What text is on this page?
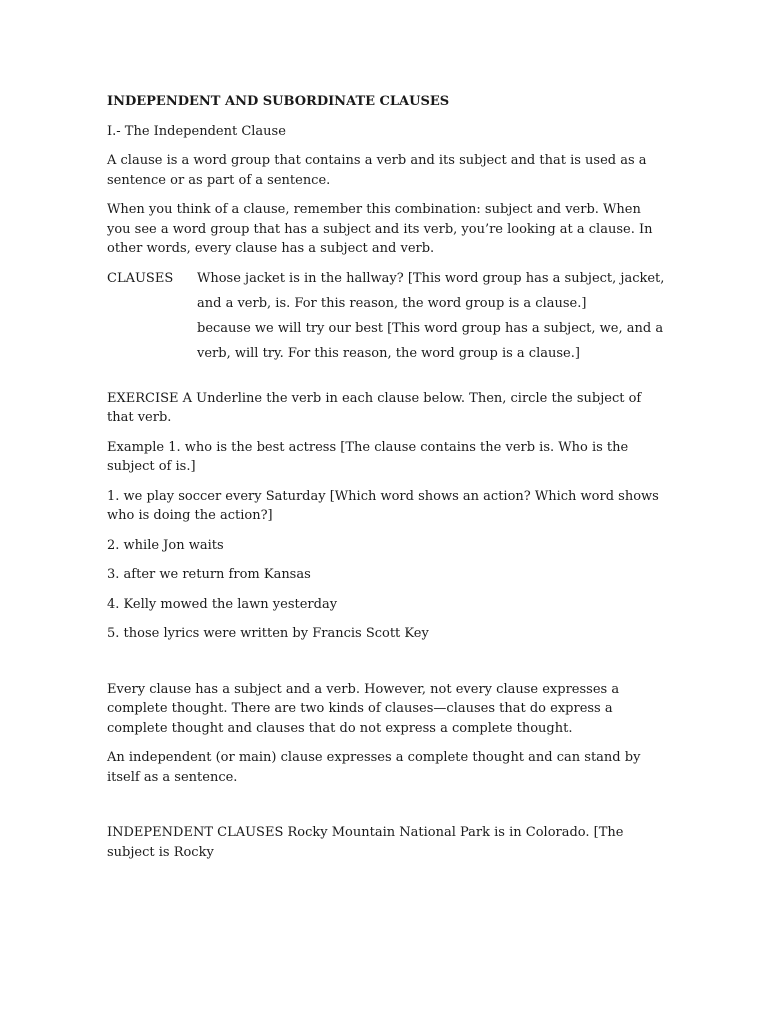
INDEPENDENT AND SUBORDINATE CLAUSES

I.- The Independent Clause

A clause is a word group that contains a verb and its subject and that is used as a sentence or as part of a sentence.

When you think of a clause, remember this combination: subject and verb. When you see a word group that has a subject and its verb, you’re looking at a clause. In other words, every clause has a subject and verb.

CLAUSES	Whose jacket is in the hallway? [This word group has a subject, jacket,
and a verb, is. For this reason, the word group is a clause.]
because we will try our best [This word group has a subject, we, and a
verb, will try. For this reason, the word group is a clause.]

EXERCISE A Underline the verb in each clause below. Then, circle the subject of that verb.

Example 1. who is the best actress [The clause contains the verb is. Who is the subject of is.]

1. we play soccer every Saturday [Which word shows an action? Which word shows who is doing the action?]

2. while Jon waits

3. after we return from Kansas

4. Kelly mowed the lawn yesterday

5. those lyrics were written by Francis Scott Key

Every clause has a subject and a verb. However, not every clause expresses a complete thought. There are two kinds of clauses—clauses that do express a complete thought and clauses that do not express a complete thought.

An independent (or main) clause expresses a complete thought and can stand by itself as a sentence.

INDEPENDENT CLAUSES Rocky Mountain National Park is in Colorado. [The subject is Rocky
